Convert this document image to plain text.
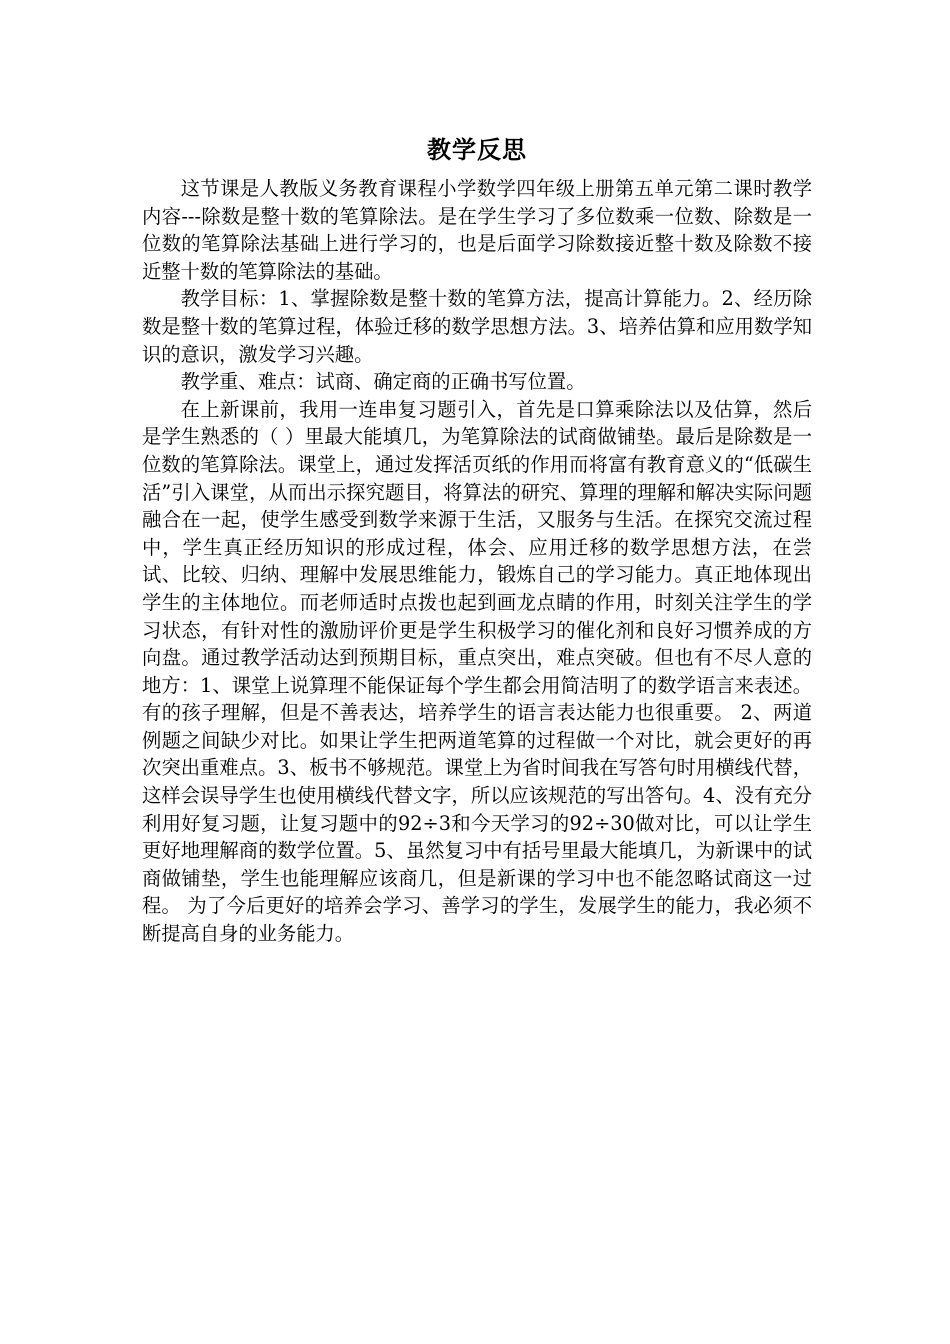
教学反思

这节课是人教版义务教育课程小学数学四年级上册第五单元第二课时教学内容---除数是整十数的笔算除法。是在学生学习了多位数乘一位数、除数是一位数的笔算除法基础上进行学习的，也是后面学习除数接近整十数及除数不接近整十数的笔算除法的基础。

教学目标：1、掌握除数是整十数的笔算方法，提高计算能力。2、经历除数是整十数的笔算过程，体验迁移的数学思想方法。3、培养估算和应用数学知识的意识，激发学习兴趣。

教学重、难点：试商、确定商的正确书写位置。

在上新课前，我用一连串复习题引入，首先是口算乘除法以及估算，然后是学生熟悉的（ ）里最大能填几，为笔算除法的试商做铺垫。最后是除数是一位数的笔算除法。课堂上，通过发挥活页纸的作用而将富有教育意义的“低碳生活”引入课堂，从而出示探究题目，将算法的研究、算理的理解和解决实际问题融合在一起，使学生感受到数学来源于生活，又服务与生活。在探究交流过程中，学生真正经历知识的形成过程，体会、应用迁移的数学思想方法，在尝试、比较、归纳、理解中发展思维能力，锻炼自己的学习能力。真正地体现出学生的主体地位。而老师适时点拨也起到画龙点睛的作用，时刻关注学生的学习状态，有针对性的激励评价更是学生积极学习的催化剂和良好习惯养成的方向盘。通过教学活动达到预期目标，重点突出，难点突破。但也有不尽人意的地方：1、课堂上说算理不能保证每个学生都会用简洁明了的数学语言来表述。有的孩子理解，但是不善表达，培养学生的语言表达能力也很重要。 2、两道例题之间缺少对比。如果让学生把两道笔算的过程做一个对比，就会更好的再次突出重难点。3、板书不够规范。课堂上为省时间我在写答句时用横线代替，这样会误导学生也使用横线代替文字，所以应该规范的写出答句。4、没有充分利用好复习题，让复习题中的92÷3和今天学习的92÷30做对比，可以让学生更好地理解商的数学位置。5、虽然复习中有括号里最大能填几，为新课中的试商做铺垫，学生也能理解应该商几，但是新课的学习中也不能忽略试商这一过程。 为了今后更好的培养会学习、善学习的学生，发展学生的能力，我必须不断提高自身的业务能力。
